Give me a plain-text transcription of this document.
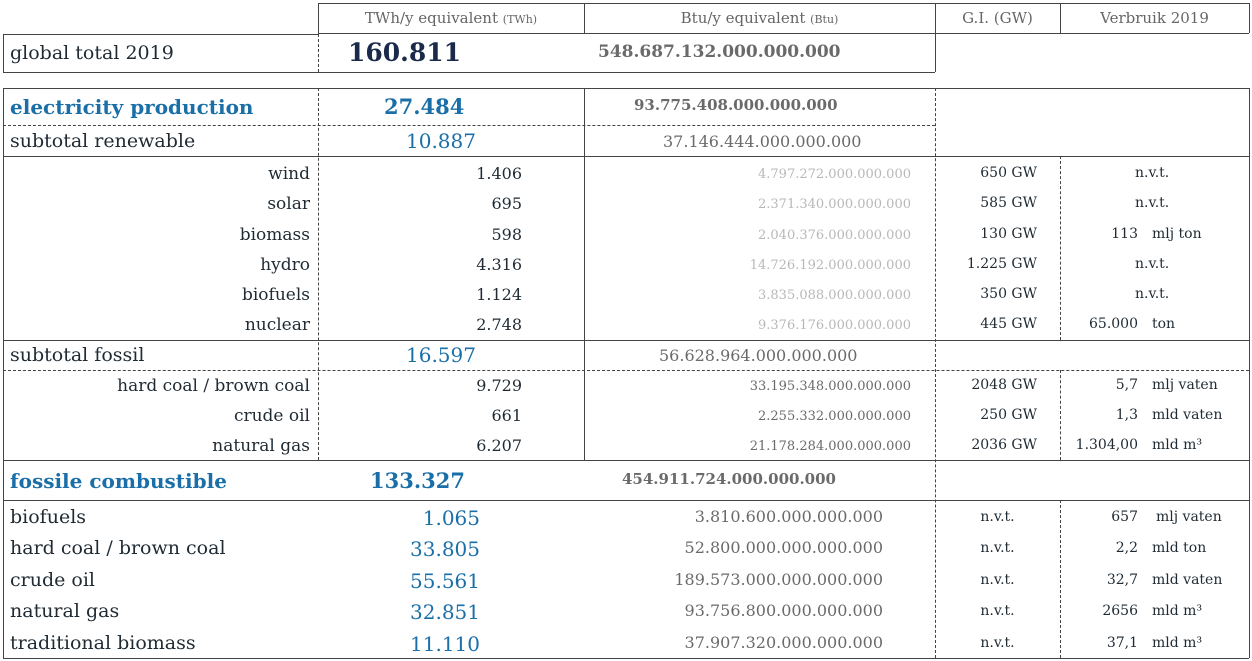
TWh/y equivalent (TWh)	Btu/y equivalent (Btu)	G.I. (GW)	Verbruik 2019
global total 2019	160.811	548.687.132.000.000.000
electricity production	27.484	93.775.408.000.000.000
subtotal renewable	10.887	37.146.444.000.000.000
wind	1.406	4.797.272.000.000.000	650 GW	n.v.t.
solar	695	2.371.340.000.000.000	585 GW	n.v.t.
biomass	598	2.040.376.000.000.000	130 GW	113 mlj ton
hydro	4.316	14.726.192.000.000.000	1.225 GW	n.v.t.
biofuels	1.124	3.835.088.000.000.000	350 GW	n.v.t.
nuclear	2.748	9.376.176.000.000.000	445 GW	65.000 ton
subtotal fossil	16.597	56.628.964.000.000.000
hard coal / brown coal	9.729	33.195.348.000.000.000	2048 GW	5,7 mlj vaten
crude oil	661	2.255.332.000.000.000	250 GW	1,3 mld vaten
natural gas	6.207	21.178.284.000.000.000	2036 GW	1.304,00 mld m³
fossile combustible	133.327	454.911.724.000.000.000
biofuels	1.065	3.810.600.000.000.000	n.v.t.	657 mlj vaten
hard coal / brown coal	33.805	52.800.000.000.000.000	n.v.t.	2,2 mld ton
crude oil	55.561	189.573.000.000.000.000	n.v.t.	32,7 mld vaten
natural gas	32.851	93.756.800.000.000.000	n.v.t.	2656 mld m³
traditional biomass	11.110	37.907.320.000.000.000	n.v.t.	37,1 mld m³
